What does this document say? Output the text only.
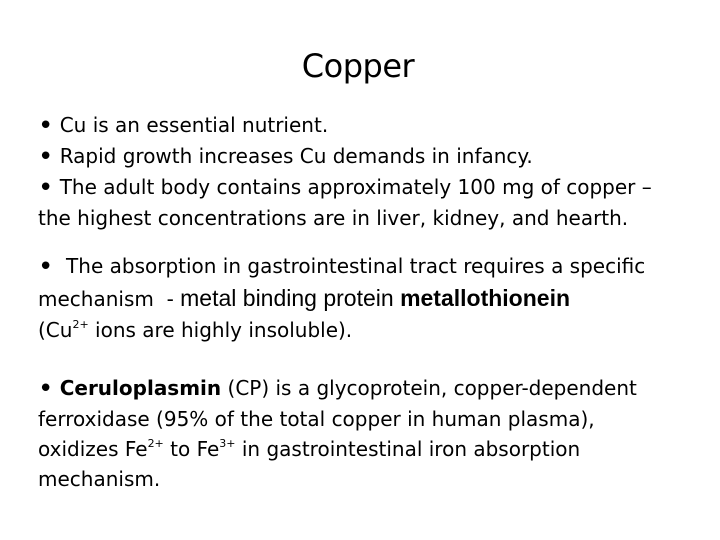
Copper
• Cu is an essential nutrient.
• Rapid growth increases Cu demands in infancy.
• The adult body contains approximately 100 mg of copper –
the highest concentrations are in liver, kidney, and hearth.
•  The absorption in gastrointestinal tract requires a specific
mechanism  - metal binding protein metallothionein
($Cu^{2+}$ ions are highly insoluble).
• Ceruloplasmin (CP) is a glycoprotein, copper-dependent
ferroxidase (95% of the total copper in human plasma),
oxidizes $Fe^{2+}$ to $Fe^{3+}$ in gastrointestinal iron absorption
mechanism.
